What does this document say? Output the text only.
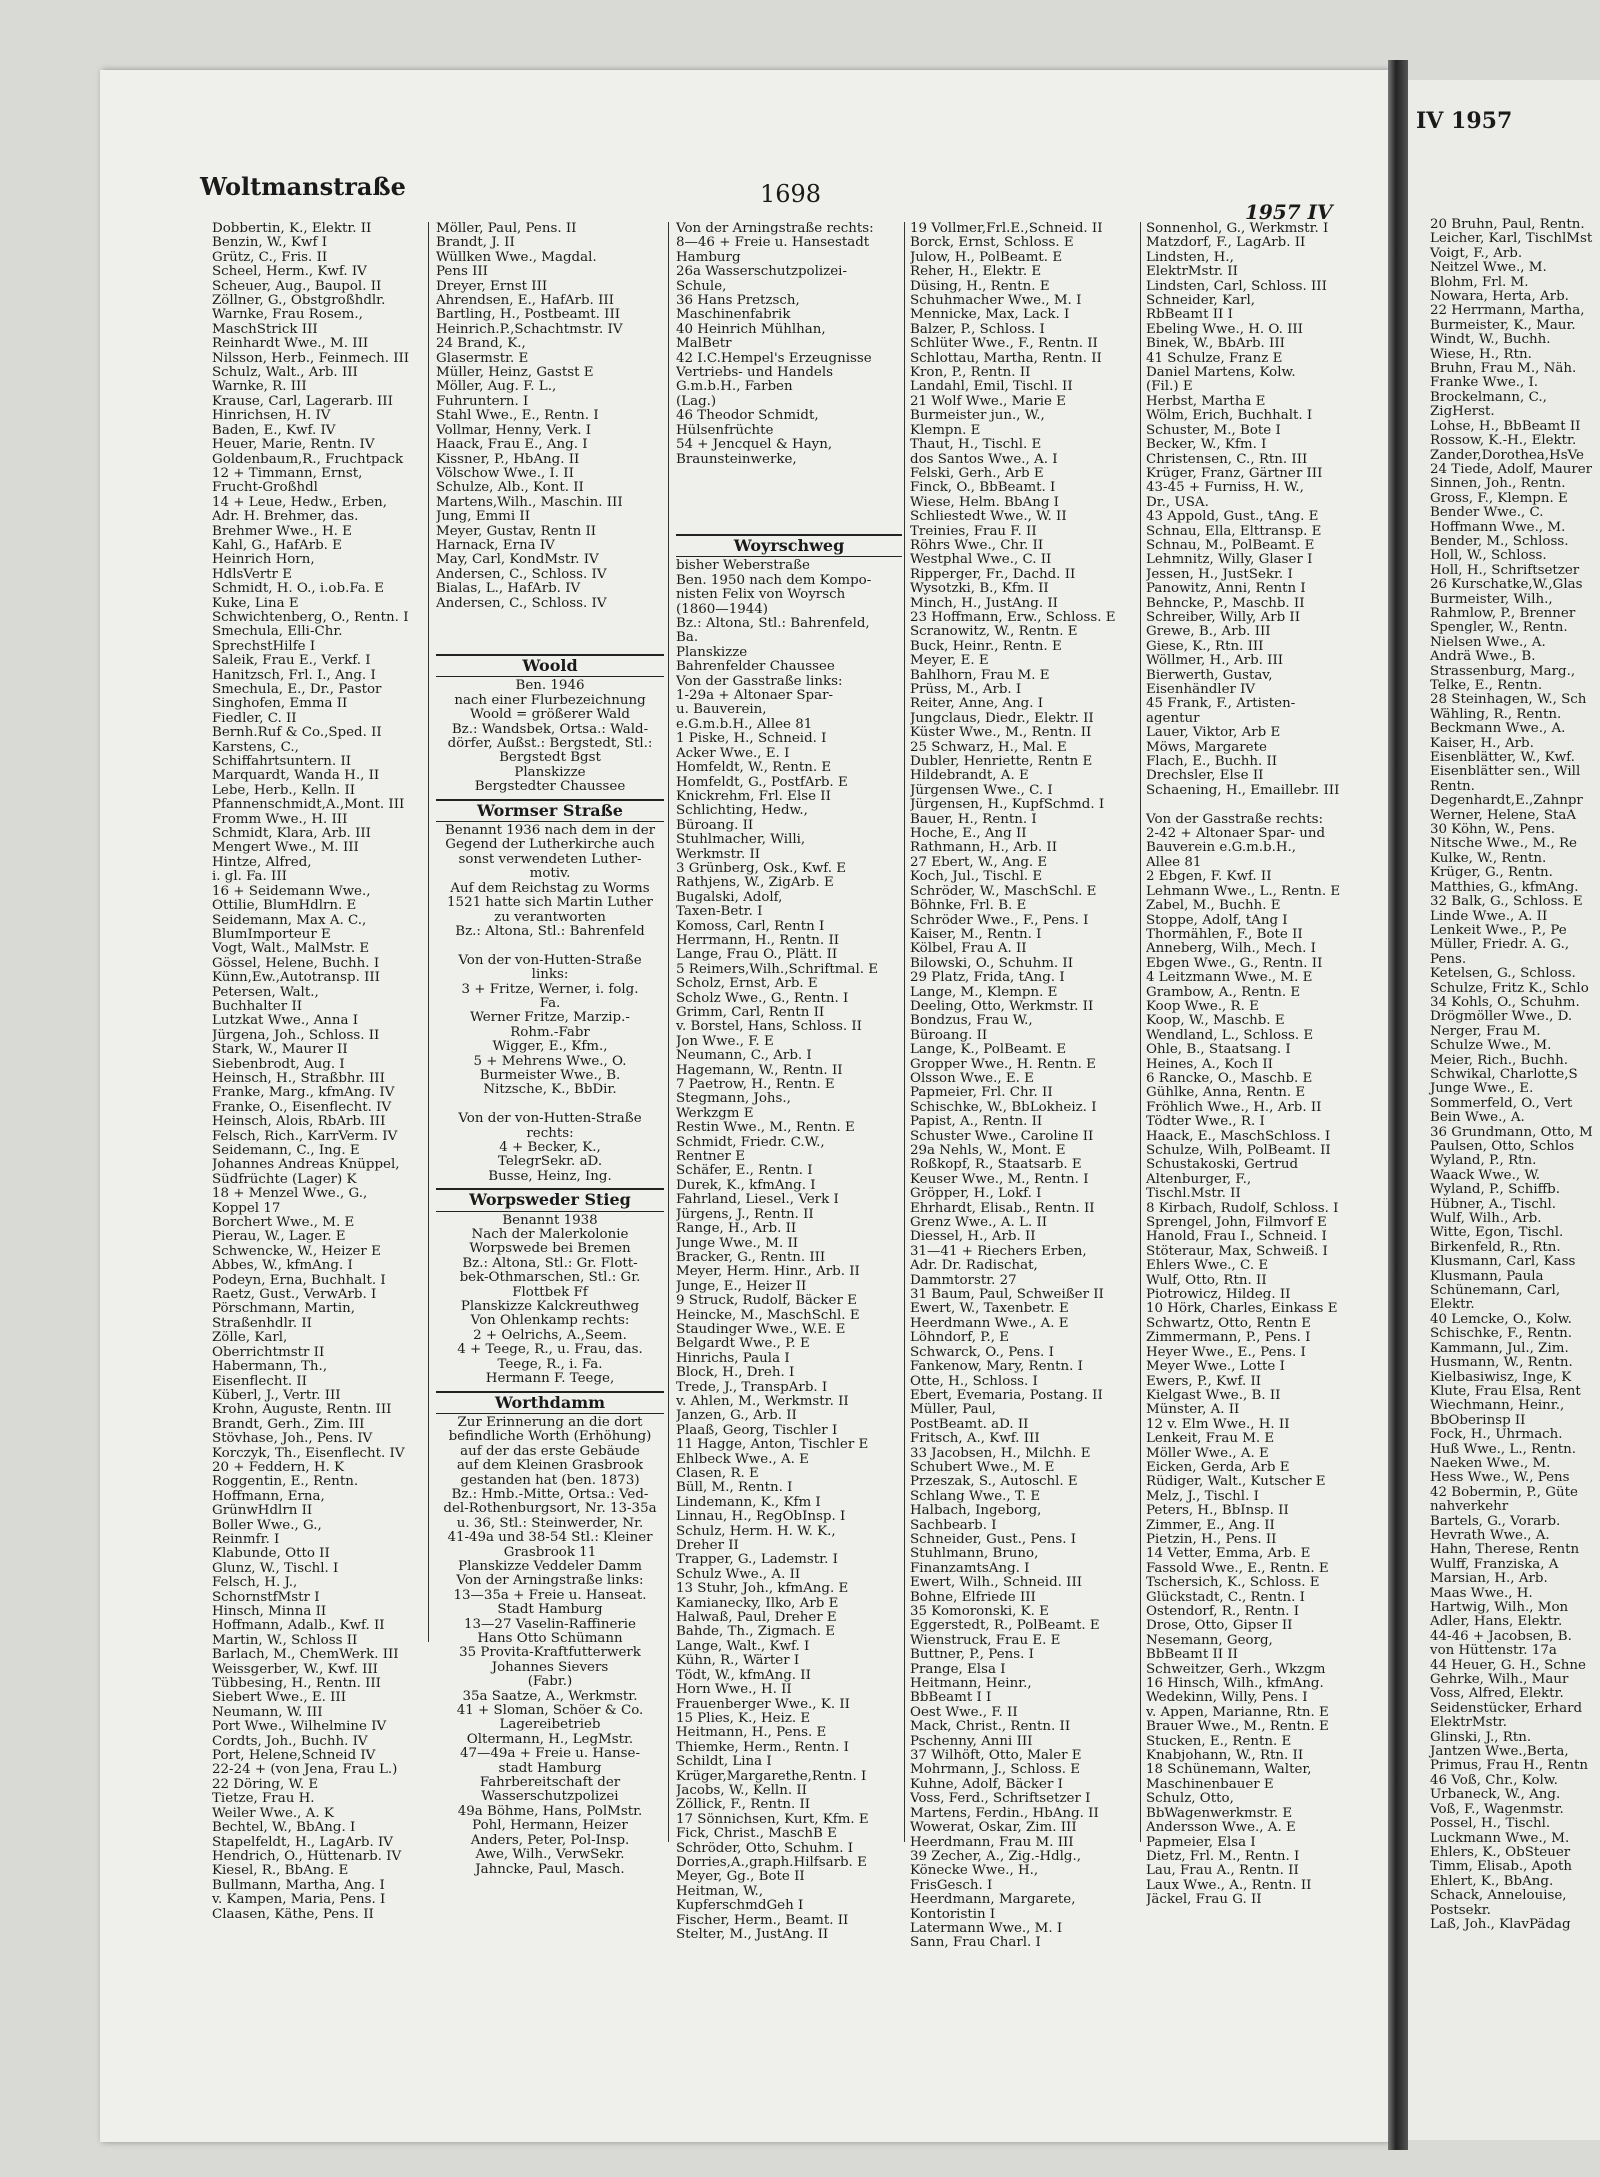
IV 1957
20 Bruhn, Paul, Rentn.
Leicher, Karl, TischlMst
Voigt, F., Arb.
Neitzel Wwe., M.
Blohm, Frl. M.
Nowara, Herta, Arb.
22 Herrmann, Martha,
Burmeister, K., Maur.
Windt, W., Buchh.
Wiese, H., Rtn.
Bruhn, Frau M., Näh.
Franke Wwe., I.
Brockelmann, C.,
ZigHerst.
Lohse, H., BbBeamt II
Rossow, K.-H., Elektr.
Zander,Dorothea,HsVe
24 Tiede, Adolf, Maurer
Sinnen, Joh., Rentn.
Gross, F., Klempn. E
Bender Wwe., C.
Hoffmann Wwe., M.
Bender, M., Schloss.
Holl, W., Schloss.
Holl, H., Schriftsetzer
26 Kurschatke,W.,Glas
Burmeister, Wilh.,
Rahmlow, P., Brenner
Spengler, W., Rentn.
Nielsen Wwe., A.
Andrä Wwe., B.
Strassenburg, Marg.,
Telke, E., Rentn.
28 Steinhagen, W., Sch
Wähling, R., Rentn.
Beckmann Wwe., A.
Kaiser, H., Arb.
Eisenblätter, W., Kwf.
Eisenblätter sen., Will
Rentn.
Degenhardt,E.,Zahnpr
Werner, Helene, StaA
30 Köhn, W., Pens.
Nitsche Wwe., M., Re
Kulke, W., Rentn.
Krüger, G., Rentn.
Matthies, G., kfmAng.
32 Balk, G., Schloss. E
Linde Wwe., A. II
Lenkeit Wwe., P., Pe
Müller, Friedr. A. G.,
Pens.
Ketelsen, G., Schloss.
Schulze, Fritz K., Schlo
34 Kohls, O., Schuhm.
Drögmöller Wwe., D.
Nerger, Frau M.
Schulze Wwe., M.
Meier, Rich., Buchh.
Schwikal, Charlotte,S
Junge Wwe., E.
Sommerfeld, O., Vert
Bein Wwe., A.
36 Grundmann, Otto, M
Paulsen, Otto, Schlos
Wyland, P., Rtn.
Waack Wwe., W.
Wyland, P., Schiffb.
Hübner, A., Tischl.
Wulf, Wilh., Arb.
Witte, Egon, Tischl.
Birkenfeld, R., Rtn.
Klusmann, Carl, Kass
Klusmann, Paula
Schünemann, Carl,
Elektr.
40 Lemcke, O., Kolw.
Schischke, F., Rentn.
Kammann, Jul., Zim.
Husmann, W., Rentn.
Kielbasiwisz, Inge, K
Klute, Frau Elsa, Rent
Wiechmann, Heinr.,
BbOberinsp II
Fock, H., Uhrmach.
Huß Wwe., L., Rentn.
Naeken Wwe., M.
Hess Wwe., W., Pens
42 Bobermin, P., Güte
nahverkehr
Bartels, G., Vorarb.
Hevrath Wwe., A.
Hahn, Therese, Rentn
Wulff, Franziska, A
Marsian, H., Arb.
Maas Wwe., H.
Hartwig, Wilh., Mon
Adler, Hans, Elektr.
44-46 + Jacobsen, B.
von Hüttenstr. 17a
44 Heuer, G. H., Schne
Gehrke, Wilh., Maur
Voss, Alfred, Elektr.
Seidenstücker, Erhard
ElektrMstr.
Glinski, J., Rtn.
Jantzen Wwe.,Berta,
Primus, Frau H., Rentn
46 Voß, Chr., Kolw.
Urbaneck, W., Ang.
Voß, F., Wagenmstr.
Possel, H., Tischl.
Luckmann Wwe., M.
Ehlers, K., ObSteuer
Timm, Elisab., Apoth
Ehlert, K., BbAng.
Schack, Annelouise,
Postsekr.
Laß, Joh., KlavPädag
Woltmanstraße	1698
1957 IV
Dobbertin, K., Elektr. II
Benzin, W., Kwf I
Grütz, C., Fris. II
Scheel, Herm., Kwf. IV
Scheuer, Aug., Baupol. II
Zöllner, G., Obstgroßhdlr.
Warnke, Frau Rosem.,
MaschStrick III
Reinhardt Wwe., M. III
Nilsson, Herb., Feinmech. III
Schulz, Walt., Arb. III
Warnke, R. III
Krause, Carl, Lagerarb. III
Hinrichsen, H. IV
Baden, E., Kwf. IV
Heuer, Marie, Rentn. IV
Goldenbaum,R., Fruchtpack
12 + Timmann, Ernst,
Frucht-Großhdl
14 + Leue, Hedw., Erben,
Adr. H. Brehmer, das.
Brehmer Wwe., H. E
Kahl, G., HafArb. E
Heinrich Horn,
HdlsVertr E
Schmidt, H. O., i.ob.Fa. E
Kuke, Lina E
Schwichtenberg, O., Rentn. I
Smechula, Elli-Chr.
SprechstHilfe I
Saleik, Frau E., Verkf. I
Hanitzsch, Frl. I., Ang. I
Smechula, E., Dr., Pastor
Singhofen, Emma II
Fiedler, C. II
Bernh.Ruf & Co.,Sped. II
Karstens, C.,
Schiffahrtsuntern. II
Marquardt, Wanda H., II
Lebe, Herb., Kelln. II
Pfannenschmidt,A.,Mont. III
Fromm Wwe., H. III
Schmidt, Klara, Arb. III
Mengert Wwe., M. III
Hintze, Alfred,
i. gl. Fa. III
16 + Seidemann Wwe.,
Ottilie, BlumHdlrn. E
Seidemann, Max A. C.,
BlumImporteur E
Vogt, Walt., MalMstr. E
Gössel, Helene, Buchh. I
Künn,Ew.,Autotransp. III
Petersen, Walt.,
Buchhalter II
Lutzkat Wwe., Anna I
Jürgena, Joh., Schloss. II
Stark, W., Maurer II
Siebenbrodt, Aug. I
Heinsch, H., Straßbhr. III
Franke, Marg., kfmAng. IV
Franke, O., Eisenflecht. IV
Heinsch, Alois, RbArb. III
Felsch, Rich., KarrVerm. IV
Seidemann, C., Ing. E
Johannes Andreas Knüppel,
Südfrüchte (Lager) K
18 + Menzel Wwe., G.,
Koppel 17
Borchert Wwe., M. E
Pierau, W., Lager. E
Schwencke, W., Heizer E
Abbes, W., kfmAng. I
Podeyn, Erna, Buchhalt. I
Raetz, Gust., VerwArb. I
Pörschmann, Martin,
Straßenhdlr. II
Zölle, Karl,
Oberrichtmstr II
Habermann, Th.,
Eisenflecht. II
Küberl, J., Vertr. III
Krohn, Auguste, Rentn. III
Brandt, Gerh., Zim. III
Stövhase, Joh., Pens. IV
Korczyk, Th., Eisenflecht. IV
20 + Feddern, H. K
Roggentin, E., Rentn.
Hoffmann, Erna,
GrünwHdlrn II
Boller Wwe., G.,
Reinmfr. I
Klabunde, Otto II
Glunz, W., Tischl. I
Felsch, H. J.,
SchornstfMstr I
Hinsch, Minna II
Hoffmann, Adalb., Kwf. II
Martin, W., Schloss II
Barlach, M., ChemWerk. III
Weissgerber, W., Kwf. III
Tübbesing, H., Rentn. III
Siebert Wwe., E. III
Neumann, W. III
Port Wwe., Wilhelmine IV
Cordts, Joh., Buchh. IV
Port, Helene,Schneid IV
22-24 + (von Jena, Frau L.)
22 Döring, W. E
Tietze, Frau H.
Weiler Wwe., A. K
Bechtel, W., BbAng. I
Stapelfeldt, H., LagArb. IV
Hendrich, O., Hüttenarb. IV
Kiesel, R., BbAng. E
Bullmann, Martha, Ang. I
v. Kampen, Maria, Pens. I
Claasen, Käthe, Pens. II
Möller, Paul, Pens. II
Brandt, J. II
Wüllken Wwe., Magdal.
Pens III
Dreyer, Ernst III
Ahrendsen, E., HafArb. III
Bartling, H., Postbeamt. III
Heinrich.P.,Schachtmstr. IV
24 Brand, K.,
Glasermstr. E
Müller, Heinz, Gastst E
Möller, Aug. F. L.,
Fuhruntern. I
Stahl Wwe., E., Rentn. I
Vollmar, Henny, Verk. I
Haack, Frau E., Ang. I
Kissner, P., HbAng. II
Völschow Wwe., I. II
Schulze, Alb., Kont. II
Martens,Wilh., Maschin. III
Jung, Emmi II
Meyer, Gustav, Rentn II
Harnack, Erna IV
May, Carl, KondMstr. IV
Andersen, C., Schloss. IV
Bialas, L., HafArb. IV
Andersen, C., Schloss. IV
Woold
Ben. 1946
nach einer Flurbezeichnung
Woold = größerer Wald
Bz.: Wandsbek, Ortsa.: Wald-
dörfer, Außst.: Bergstedt, Stl.:
Bergstedt Bgst
Planskizze
Bergstedter Chaussee
Wormser Straße
Benannt 1936 nach dem in der
Gegend der Lutherkirche auch
sonst verwendeten Luther-
motiv.
Auf dem Reichstag zu Worms
1521 hatte sich Martin Luther
zu verantworten
Bz.: Altona, Stl.: Bahrenfeld

Von der von-Hutten-Straße
links:
3 + Fritze, Werner, i. folg.
Fa.
Werner Fritze, Marzip.-
Rohm.-Fabr
Wigger, E., Kfm.,
5 + Mehrens Wwe., O.
Burmeister Wwe., B.
Nitzsche, K., BbDir.

Von der von-Hutten-Straße
rechts:
4 + Becker, K.,
TelegrSekr. aD.
Busse, Heinz, Ing.
Worpsweder Stieg
Benannt 1938
Nach der Malerkolonie
Worpswede bei Bremen
Bz.: Altona, Stl.: Gr. Flott-
bek-Othmarschen, Stl.: Gr.
Flottbek Ff
Planskizze Kalckreuthweg
Von Ohlenkamp rechts:
2 + Oelrichs, A.,Seem.
4 + Teege, R., u. Frau, das.
Teege, R., i. Fa.
Hermann F. Teege,
Worthdamm
Zur Erinnerung an die dort
befindliche Worth (Erhöhung)
auf der das erste Gebäude
auf dem Kleinen Grasbrook
gestanden hat (ben. 1873)
Bz.: Hmb.-Mitte, Ortsa.: Ved-
del-Rothenburgsort, Nr. 13-35a
u. 36, Stl.: Steinwerder, Nr.
41-49a und 38-54 Stl.: Kleiner
Grasbrook 11
Planskizze Veddeler Damm
Von der Arningstraße links:
13—35a + Freie u. Hanseat.
Stadt Hamburg
13—27 Vaselin-Raffinerie
Hans Otto Schümann
35 Provita-Kraftfutterwerk
Johannes Sievers
(Fabr.)
35a Saatze, A., Werkmstr.
41 + Sloman, Schöer & Co.
Lagereibetrieb
Oltermann, H., LegMstr.
47—49a + Freie u. Hanse-
stadt Hamburg
Fahrbereitschaft der
Wasserschutzpolizei
49a Böhme, Hans, PolMstr.
Pohl, Hermann, Heizer
Anders, Peter, Pol-Insp.
Awe, Wilh., VerwSekr.
Jahncke, Paul, Masch.
Von der Arningstraße rechts:
8—46 + Freie u. Hansestadt
Hamburg
26a Wasserschutzpolizei-
Schule,
36 Hans Pretzsch,
Maschinenfabrik
40 Heinrich Mühlhan,
MalBetr
42 I.C.Hempel's Erzeugnisse
Vertriebs- und Handels
G.m.b.H., Farben
(Lag.)
46 Theodor Schmidt,
Hülsenfrüchte
54 + Jencquel & Hayn,
Braunsteinwerke,
Woyrschweg
bisher Weberstraße
Ben. 1950 nach dem Kompo-
nisten Felix von Woyrsch
(1860—1944)
Bz.: Altona, Stl.: Bahrenfeld,
Ba.
Planskizze
Bahrenfelder Chaussee
Von der Gasstraße links:
1-29a + Altonaer Spar-
u. Bauverein,
e.G.m.b.H., Allee 81
1 Piske, H., Schneid. I
Acker Wwe., E. I
Homfeldt, W., Rentn. E
Homfeldt, G., PostfArb. E
Knickrehm, Frl. Else II
Schlichting, Hedw.,
Büroang. II
Stuhlmacher, Willi,
Werkmstr. II
3 Grünberg, Osk., Kwf. E
Rathjens, W., ZigArb. E
Bugalski, Adolf,
Taxen-Betr. I
Komoss, Carl, Rentn I
Herrmann, H., Rentn. II
Lange, Frau O., Plätt. II
5 Reimers,Wilh.,Schriftmal. E
Scholz, Ernst, Arb. E
Scholz Wwe., G., Rentn. I
Grimm, Carl, Rentn II
v. Borstel, Hans, Schloss. II
Jon Wwe., F. E
Neumann, C., Arb. I
Hagemann, W., Rentn. II
7 Paetrow, H., Rentn. E
Stegmann, Johs.,
Werkzgm E
Restin Wwe., M., Rentn. E
Schmidt, Friedr. C.W.,
Rentner E
Schäfer, E., Rentn. I
Durek, K., kfmAng. I
Fahrland, Liesel., Verk I
Jürgens, J., Rentn. II
Range, H., Arb. II
Junge Wwe., M. II
Bracker, G., Rentn. III
Meyer, Herm. Hinr., Arb. II
Junge, E., Heizer II
9 Struck, Rudolf, Bäcker E
Heincke, M., MaschSchl. E
Staudinger Wwe., W.E. E
Belgardt Wwe., P. E
Hinrichs, Paula I
Block, H., Dreh. I
Trede, J., TranspArb. I
v. Ahlen, M., Werkmstr. II
Janzen, G., Arb. II
Plaaß, Georg, Tischler I
11 Hagge, Anton, Tischler E
Ehlbeck Wwe., A. E
Clasen, R. E
Büll, M., Rentn. I
Lindemann, K., Kfm I
Linnau, H., RegObInsp. I
Schulz, Herm. H. W. K.,
Dreher II
Trapper, G., Lademstr. I
Schulz Wwe., A. II
13 Stuhr, Joh., kfmAng. E
Kamianecky, Ilko, Arb E
Halwaß, Paul, Dreher E
Bahde, Th., Zigmach. E
Lange, Walt., Kwf. I
Kühn, R., Wärter I
Tödt, W., kfmAng. II
Horn Wwe., H. II
Frauenberger Wwe., K. II
15 Plies, K., Heiz. E
Heitmann, H., Pens. E
Thiemke, Herm., Rentn. I
Schildt, Lina I
Krüger,Margarethe,Rentn. I
Jacobs, W., Kelln. II
Zöllick, F., Rentn. II
17 Sönnichsen, Kurt, Kfm. E
Fick, Christ., MaschB E
Schröder, Otto, Schuhm. I
Dorries,A.,graph.Hilfsarb. E
Meyer, Gg., Bote II
Heitman, W.,
KupferschmdGeh I
Fischer, Herm., Beamt. II
Stelter, M., JustAng. II
19 Vollmer,Frl.E.,Schneid. II
Borck, Ernst, Schloss. E
Julow, H., PolBeamt. E
Reher, H., Elektr. E
Düsing, H., Rentn. E
Schuhmacher Wwe., M. I
Mennicke, Max, Lack. I
Balzer, P., Schloss. I
Schlüter Wwe., F., Rentn. II
Schlottau, Martha, Rentn. II
Kron, P., Rentn. II
Landahl, Emil, Tischl. II
21 Wolf Wwe., Marie E
Burmeister jun., W.,
Klempn. E
Thaut, H., Tischl. E
dos Santos Wwe., A. I
Felski, Gerh., Arb E
Finck, O., BbBeamt. I
Wiese, Helm. BbAng I
Schliestedt Wwe., W. II
Treinies, Frau F. II
Röhrs Wwe., Chr. II
Westphal Wwe., C. II
Ripperger, Fr., Dachd. II
Wysotzki, B., Kfm. II
Minch, H., JustAng. II
23 Hoffmann, Erw., Schloss. E
Scranowitz, W., Rentn. E
Buck, Heinr., Rentn. E
Meyer, E. E
Bahlhorn, Frau M. E
Prüss, M., Arb. I
Reiter, Anne, Ang. I
Jungclaus, Diedr., Elektr. II
Küster Wwe., M., Rentn. II
25 Schwarz, H., Mal. E
Dubler, Henriette, Rentn E
Hildebrandt, A. E
Jürgensen Wwe., C. I
Jürgensen, H., KupfSchmd. I
Bauer, H., Rentn. I
Hoche, E., Ang II
Rathmann, H., Arb. II
27 Ebert, W., Ang. E
Koch, Jul., Tischl. E
Schröder, W., MaschSchl. E
Böhnke, Frl. B. E
Schröder Wwe., F., Pens. I
Kaiser, M., Rentn. I
Kölbel, Frau A. II
Bilowski, O., Schuhm. II
29 Platz, Frida, tAng. I
Lange, M., Klempn. E
Deeling, Otto, Werkmstr. II
Bondzus, Frau W.,
Büroang. II
Lange, K., PolBeamt. E
Gropper Wwe., H. Rentn. E
Olsson Wwe., E. E
Papmeier, Frl. Chr. II
Schischke, W., BbLokheiz. I
Papist, A., Rentn. II
Schuster Wwe., Caroline II
29a Nehls, W., Mont. E
Roßkopf, R., Staatsarb. E
Keuser Wwe., M., Rentn. I
Gröpper, H., Lokf. I
Ehrhardt, Elisab., Rentn. II
Grenz Wwe., A. L. II
Diessel, H., Arb. II
31—41 + Riechers Erben,
Adr. Dr. Radischat,
Dammtorstr. 27
31 Baum, Paul, Schweißer II
Ewert, W., Taxenbetr. E
Heerdmann Wwe., A. E
Löhndorf, P., E
Schwarck, O., Pens. I
Fankenow, Mary, Rentn. I
Otte, H., Schloss. I
Ebert, Evemaria, Postang. II
Müller, Paul,
PostBeamt. aD. II
Fritsch, A., Kwf. III
33 Jacobsen, H., Milchh. E
Schubert Wwe., M. E
Przeszak, S., Autoschl. E
Schlang Wwe., T. E
Halbach, Ingeborg,
Sachbearb. I
Schneider, Gust., Pens. I
Stuhlmann, Bruno,
FinanzamtsAng. I
Ewert, Wilh., Schneid. III
Bohne, Elfriede III
35 Komoronski, K. E
Eggerstedt, R., PolBeamt. E
Wienstruck, Frau E. E
Buttner, P., Pens. I
Prange, Elsa I
Heitmann, Heinr.,
BbBeamt I I
Oest Wwe., F. II
Mack, Christ., Rentn. II
Pschenny, Anni III
37 Wilhöft, Otto, Maler E
Mohrmann, J., Schloss. E
Kuhne, Adolf, Bäcker I
Voss, Ferd., Schriftsetzer I
Martens, Ferdin., HbAng. II
Wowerat, Oskar, Zim. III
Heerdmann, Frau M. III
39 Zecher, A., Zig.-Hdlg.,
Könecke Wwe., H.,
FrisGesch. I
Heerdmann, Margarete,
Kontoristin I
Latermann Wwe., M. I
Sann, Frau Charl. I
Sonnenhol, G., Werkmstr. I
Matzdorf, F., LagArb. II
Lindsten, H.,
ElektrMstr. II
Lindsten, Carl, Schloss. III
Schneider, Karl,
RbBeamt II I
Ebeling Wwe., H. O. III
Binek, W., BbArb. III
41 Schulze, Franz E
Daniel Martens, Kolw.
(Fil.) E
Herbst, Martha E
Wölm, Erich, Buchhalt. I
Schuster, M., Bote I
Becker, W., Kfm. I
Christensen, C., Rtn. III
Krüger, Franz, Gärtner III
43-45 + Furniss, H. W.,
Dr., USA.
43 Appold, Gust., tAng. E
Schnau, Ella, Elttransp. E
Schnau, M., PolBeamt. E
Lehmnitz, Willy, Glaser I
Jessen, H., JustSekr. I
Panowitz, Anni, Rentn I
Behncke, P., Maschb. II
Schreiber, Willy, Arb II
Grewe, B., Arb. III
Giese, K., Rtn. III
Wöllmer, H., Arb. III
Bierwerth, Gustav,
Eisenhändler IV
45 Frank, F., Artisten-
agentur
Lauer, Viktor, Arb E
Möws, Margarete
Flach, E., Buchh. II
Drechsler, Else II
Schaening, H., Emaillebr. III

Von der Gasstraße rechts:
2-42 + Altonaer Spar- und
Bauverein e.G.m.b.H.,
Allee 81
2 Ebgen, F. Kwf. II
Lehmann Wwe., L., Rentn. E
Zabel, M., Buchh. E
Stoppe, Adolf, tAng I
Thormählen, F., Bote II
Anneberg, Wilh., Mech. I
Ebgen Wwe., G., Rentn. II
4 Leitzmann Wwe., M. E
Grambow, A., Rentn. E
Koop Wwe., R. E
Koop, W., Maschb. E
Wendland, L., Schloss. E
Ohle, B., Staatsang. I
Heines, A., Koch II
6 Rancke, O., Maschb. E
Gühlke, Anna, Rentn. E
Fröhlich Wwe., H., Arb. II
Tödter Wwe., R. I
Haack, E., MaschSchloss. I
Schulze, Wilh, PolBeamt. II
Schustakoski, Gertrud
Altenburger, F.,
Tischl.Mstr. II
8 Kirbach, Rudolf, Schloss. I
Sprengel, John, Filmvorf E
Hanold, Frau I., Schneid. I
Stöteraur, Max, Schweiß. I
Ehlers Wwe., C. E
Wulf, Otto, Rtn. II
Piotrowicz, Hildeg. II
10 Hörk, Charles, Einkass E
Schwartz, Otto, Rentn E
Zimmermann, P., Pens. I
Heyer Wwe., E., Pens. I
Meyer Wwe., Lotte I
Ewers, P., Kwf. II
Kielgast Wwe., B. II
Münster, A. II
12 v. Elm Wwe., H. II
Lenkeit, Frau M. E
Möller Wwe., A. E
Eicken, Gerda, Arb E
Rüdiger, Walt., Kutscher E
Melz, J., Tischl. I
Peters, H., BbInsp. II
Zimmer, E., Ang. II
Pietzin, H., Pens. II
14 Vetter, Emma, Arb. E
Fassold Wwe., E., Rentn. E
Tschersich, K., Schloss. E
Glückstadt, C., Rentn. I
Ostendorf, R., Rentn. I
Drose, Otto, Gipser II
Nesemann, Georg,
BbBeamt II II
Schweitzer, Gerh., Wkzgm
16 Hinsch, Wilh., kfmAng.
Wedekinn, Willy, Pens. I
v. Appen, Marianne, Rtn. E
Brauer Wwe., M., Rentn. E
Stucken, E., Rentn. E
Knabjohann, W., Rtn. II
18 Schünemann, Walter,
Maschinenbauer E
Schulz, Otto,
BbWagenwerkmstr. E
Andersson Wwe., A. E
Papmeier, Elsa I
Dietz, Frl. M., Rentn. I
Lau, Frau A., Rentn. II
Laux Wwe., A., Rentn. II
Jäckel, Frau G. II
